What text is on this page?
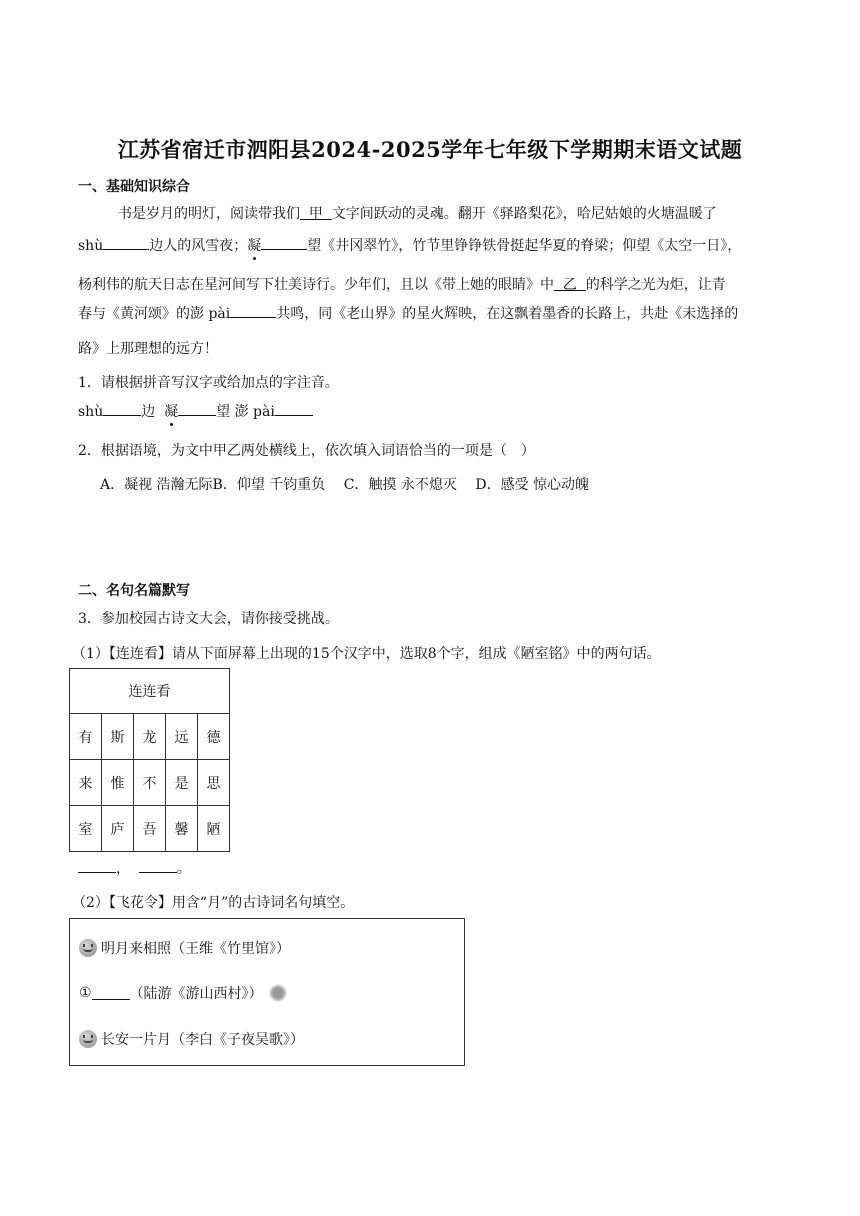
江苏省宿迁市泗阳县2024-2025学年七年级下学期期末语文试题
一、基础知识综合
书是岁月的明灯，阅读带我们 甲 文字间跃动的灵魂。翻开《驿路梨花》，哈尼姑娘的火塘温暖了
shù	边人的风雪夜；凝	望《井冈翠竹》，竹节里铮铮铁骨挺起华夏的脊梁；仰望《太空一日》，
杨利伟的航天日志在星河间写下壮美诗行。少年们，且以《带上她的眼睛》中 乙 的科学之光为炬，让青
春与《黄河颂》的澎 pài	共鸣，同《老山界》的星火辉映，在这飘着墨香的长路上，共赴《未选择的
路》上那理想的远方！
1．请根据拼音写汉字或给加点的字注音。
shù	边  凝	望 澎 pài
2．根据语境，为文中甲乙两处横线上，依次填入词语恰当的一项是（　）
A．凝视 浩瀚无际B．仰望 千钧重负　 C．触摸 永不熄灭　 D．感受 惊心动魄
二、名句名篇默写
3．参加校园古诗文大会，请你接受挑战。
（1）【连连看】请从下面屏幕上出现的15个汉字中，选取8个字，组成《陋室铭》中的两句话。
连连看				
有	斯	龙	远	德
来	惟	不	是	思
室	庐	吾	馨	陋
，	。
（2）【飞花令】用含“月”的古诗词名句填空。
明月来相照（王维《竹里馆》）
①	（陆游《游山西村》）
长安一片月（李白《子夜吴歌》）
